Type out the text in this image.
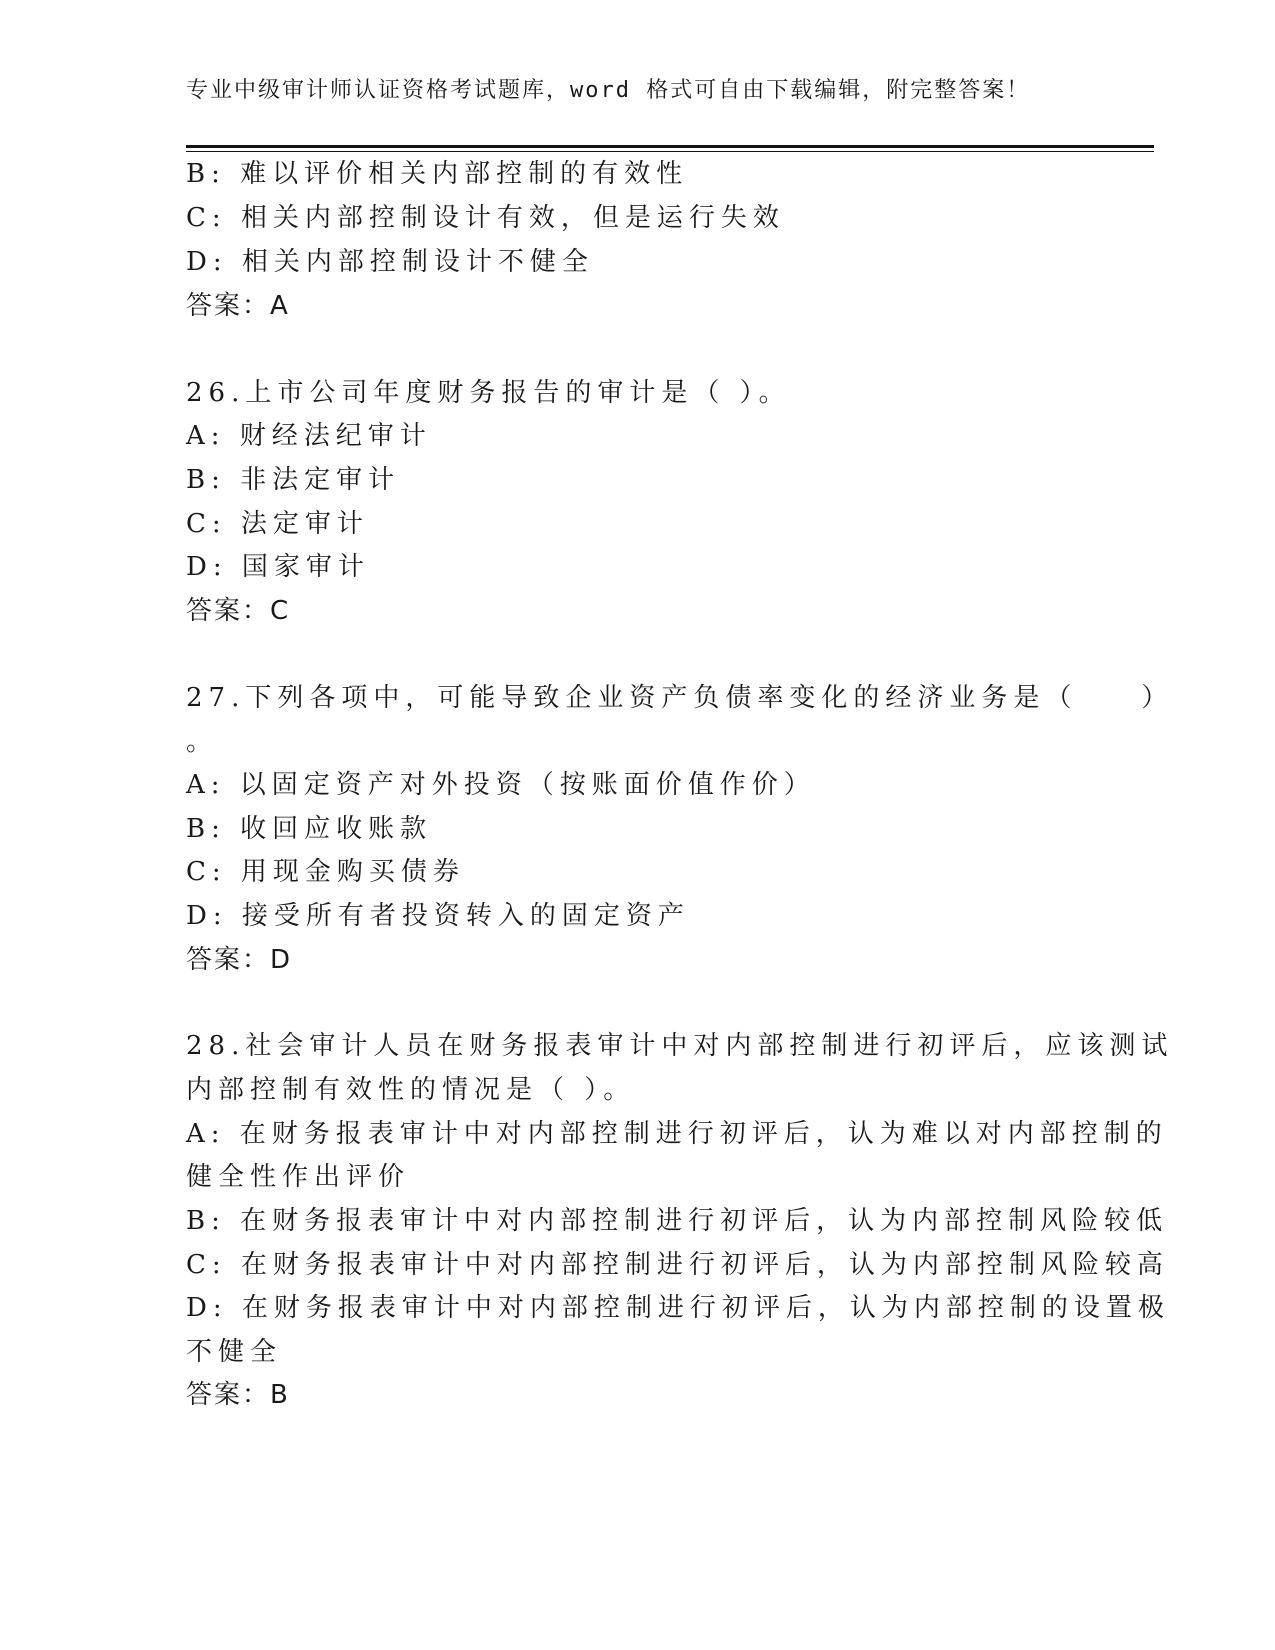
专业中级审计师认证资格考试题库，word 格式可自由下载编辑，附完整答案！
B: 难以评价相关内部控制的有效性
C: 相关内部控制设计有效，但是运行失效
D: 相关内部控制设计不健全
答案：A
26.上市公司年度财务报告的审计是（ ）。
A: 财经法纪审计
B: 非法定审计
C: 法定审计
D: 国家审计
答案：C
27.下列各项中，可能导致企业资产负债率变化的经济业务是（　　）
。
A: 以固定资产对外投资（按账面价值作价）
B: 收回应收账款
C: 用现金购买债券
D: 接受所有者投资转入的固定资产
答案：D
28.社会审计人员在财务报表审计中对内部控制进行初评后，应该测试
内部控制有效性的情况是（ ）。
A: 在财务报表审计中对内部控制进行初评后，认为难以对内部控制的
健全性作出评价
B: 在财务报表审计中对内部控制进行初评后，认为内部控制风险较低
C: 在财务报表审计中对内部控制进行初评后，认为内部控制风险较高
D: 在财务报表审计中对内部控制进行初评后，认为内部控制的设置极
不健全
答案：B
